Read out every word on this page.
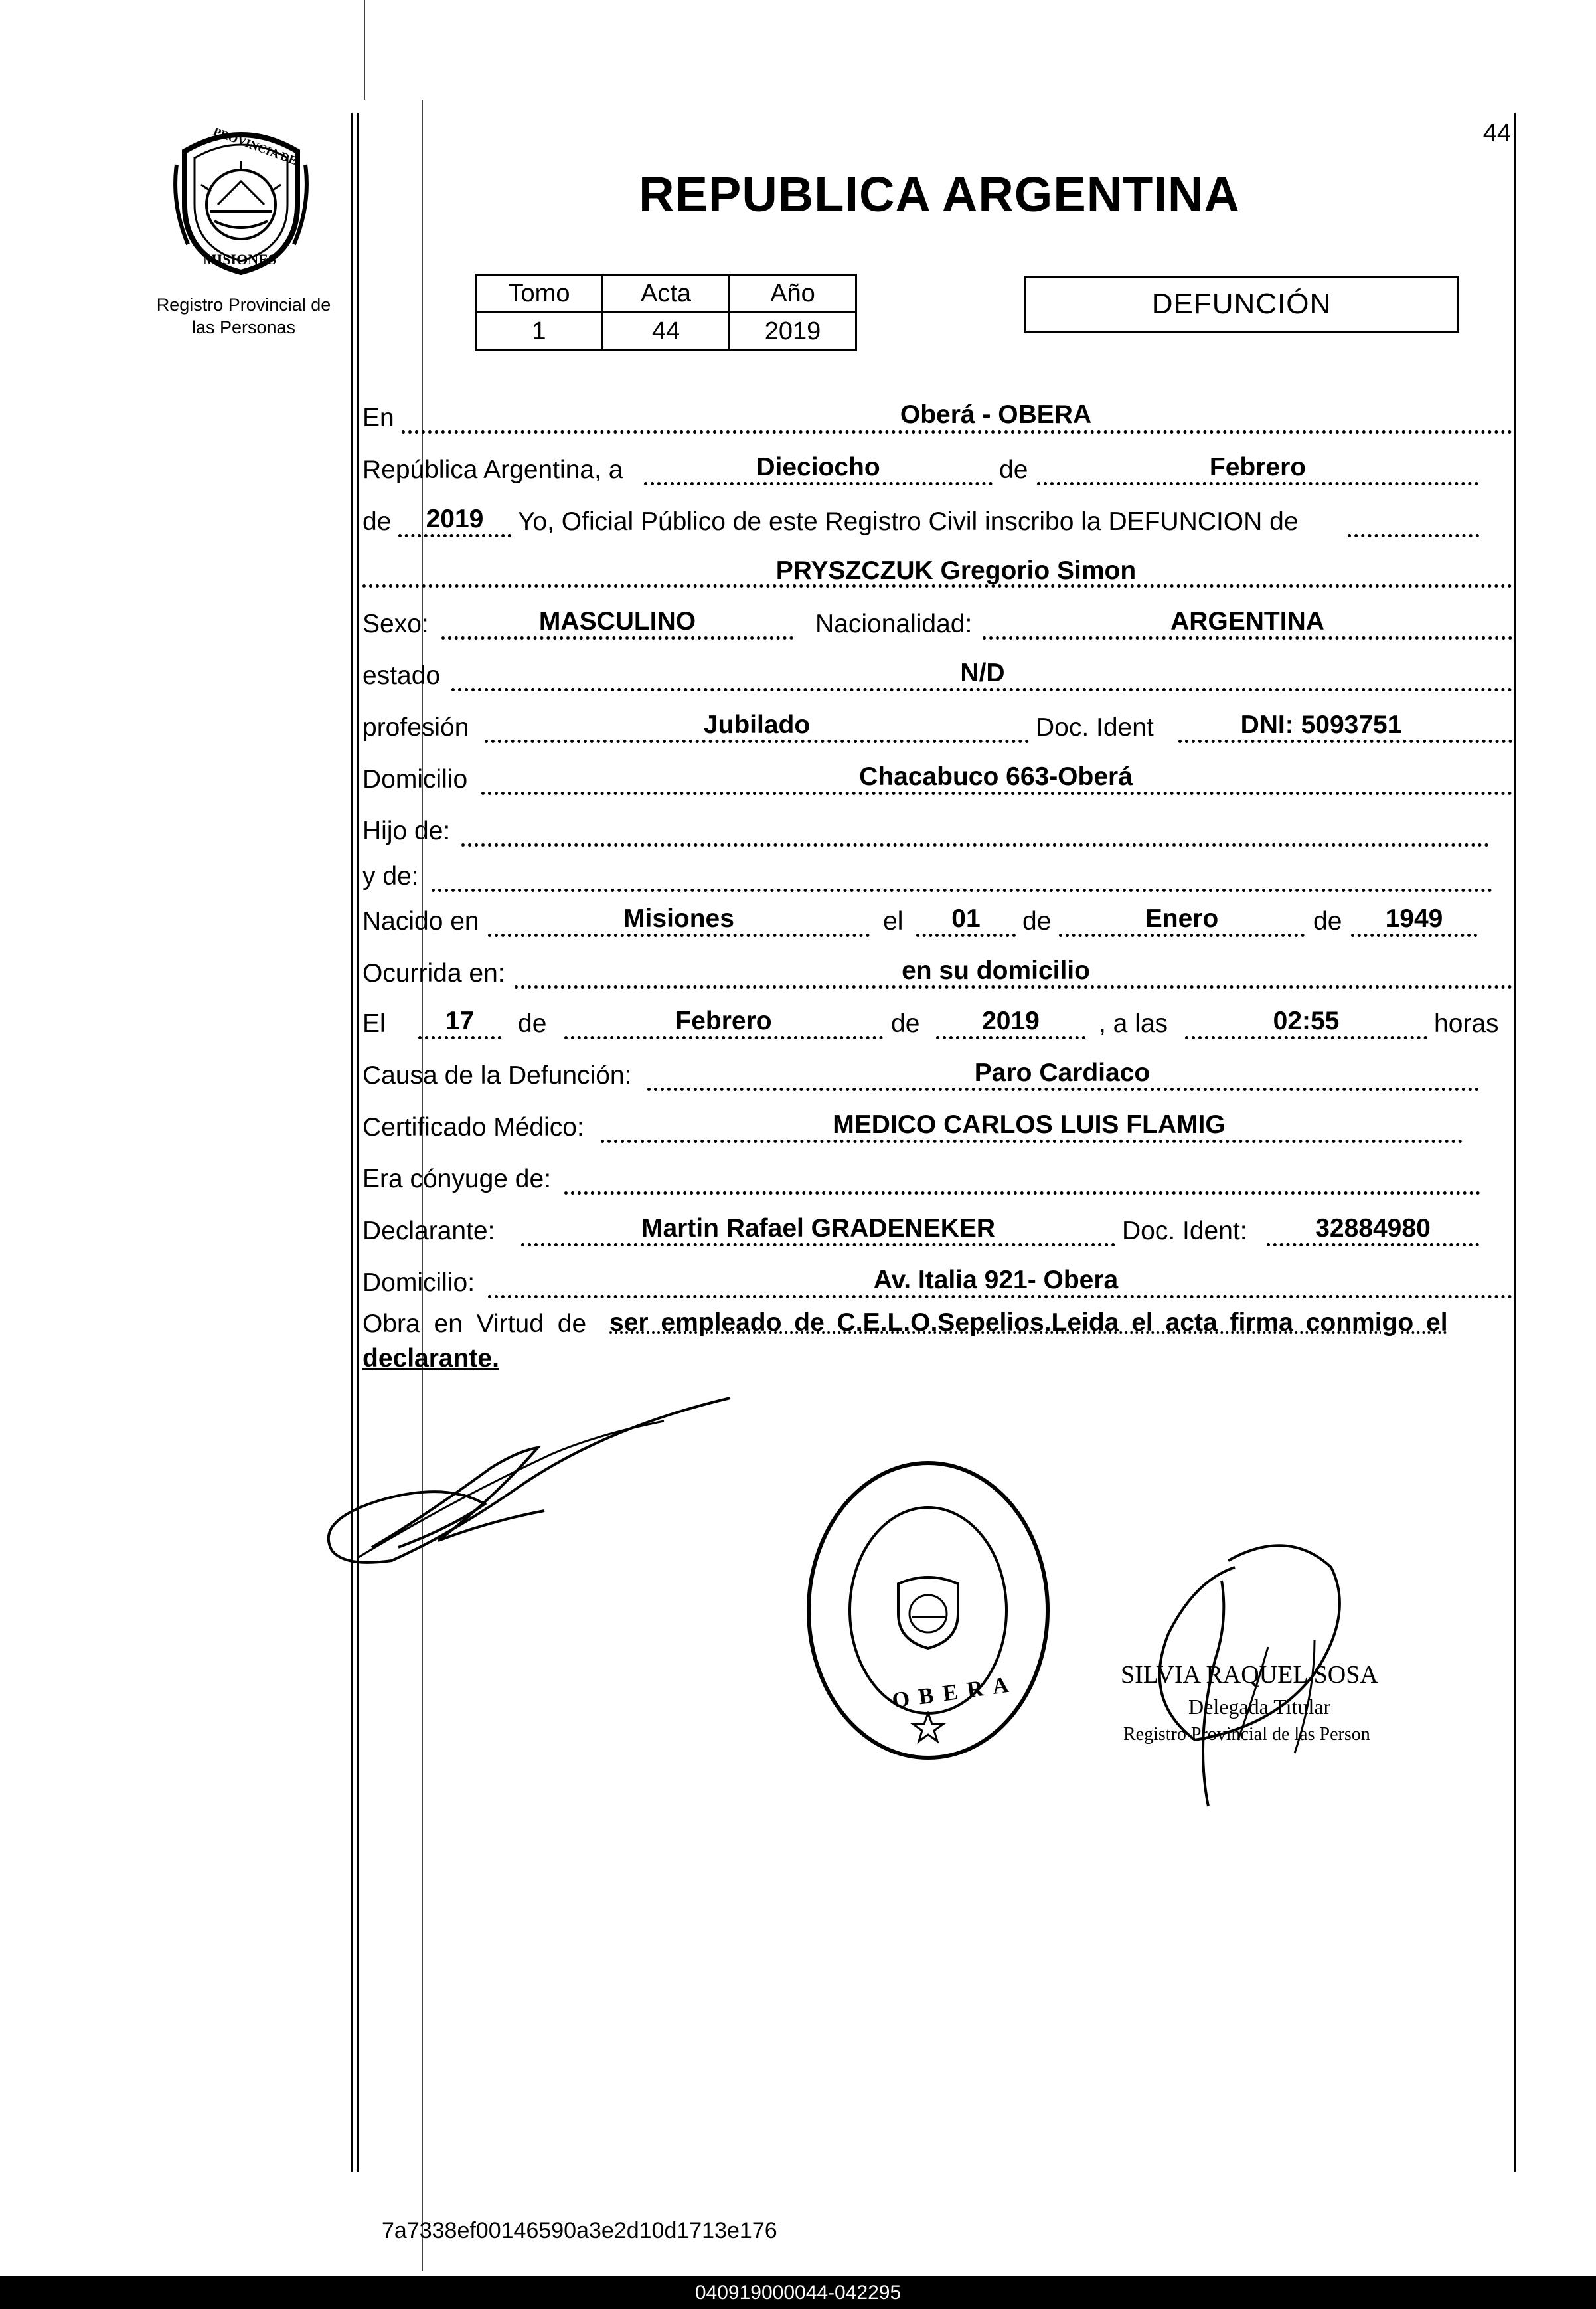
PROVINCIA DE
MISIONES
Registro Provincial de
las Personas
44
REPUBLICA ARGENTINA
Tomo	Acta	Año
1	44	2019
DEFUNCIÓN
En	Oberá - OBERA
República Argentina, a	Dieciocho	de	Febrero
de	2019	Yo, Oficial Público de este Registro Civil inscribo la DEFUNCION de
PRYSZCZUK Gregorio Simon
Sexo:	MASCULINO	Nacionalidad:	ARGENTINA
estado	N/D
profesión	Jubilado	Doc. Ident	DNI: 5093751
Domicilio	Chacabuco 663-Oberá
Hijo de:
y de:
Nacido en	Misiones	el	01	de	Enero	de	1949
Ocurrida en:	en su domicilio
El	17	de	Febrero	de	2019	, a las	02:55	horas
Causa de la Defunción:	Paro Cardiaco
Certificado Médico:	MEDICO CARLOS LUIS FLAMIG
Era cónyuge de:
Declarante:	Martin Rafael GRADENEKER	Doc. Ident:	32884980
Domicilio:	Av. Italia 921- Obera
Obra en Virtud de ser empleado de C.E.L.O.Sepelios.Leida el acta firma conmigo el
declarante.
OBERA	SILVIA RAQUEL SOSA
Delegada Titular
Registro Provincial de las Person
7a7338ef00146590a3e2d10d1713e176
040919000044-042295
